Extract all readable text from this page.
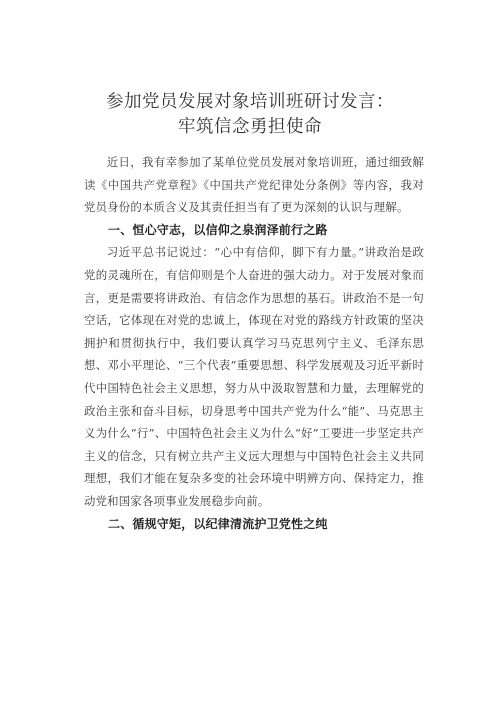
参加党员发展对象培训班研讨发言：
牢筑信念勇担使命

近日，我有幸参加了某单位党员发展对象培训班，通过细致解读《中国共产党章程》《中国共产党纪律处分条例》等内容，我对党员身份的本质含义及其责任担当有了更为深刻的认识与理解。

一、恒心守志，以信仰之泉润泽前行之路

习近平总书记说过：“心中有信仰，脚下有力量。”讲政治是政党的灵魂所在，有信仰则是个人奋进的强大动力。对于发展对象而言，更是需要将讲政治、有信念作为思想的基石。讲政治不是一句空话，它体现在对党的忠诚上，体现在对党的路线方针政策的坚决拥护和贯彻执行中，我们要认真学习马克思列宁主义、毛泽东思想、邓小平理论、“三个代表”重要思想、科学发展观及习近平新时代中国特色社会主义思想，努力从中汲取智慧和力量，去理解党的政治主张和奋斗目标，切身思考中国共产党为什么“能”、马克思主义为什么“行”、中国特色社会主义为什么“好”工要进一步坚定共产主义的信念，只有树立共产主义远大理想与中国特色社会主义共同理想，我们才能在复杂多变的社会环境中明辨方向、保持定力，推动党和国家各项事业发展稳步向前。

二、循规守矩，以纪律清流护卫党性之纯
